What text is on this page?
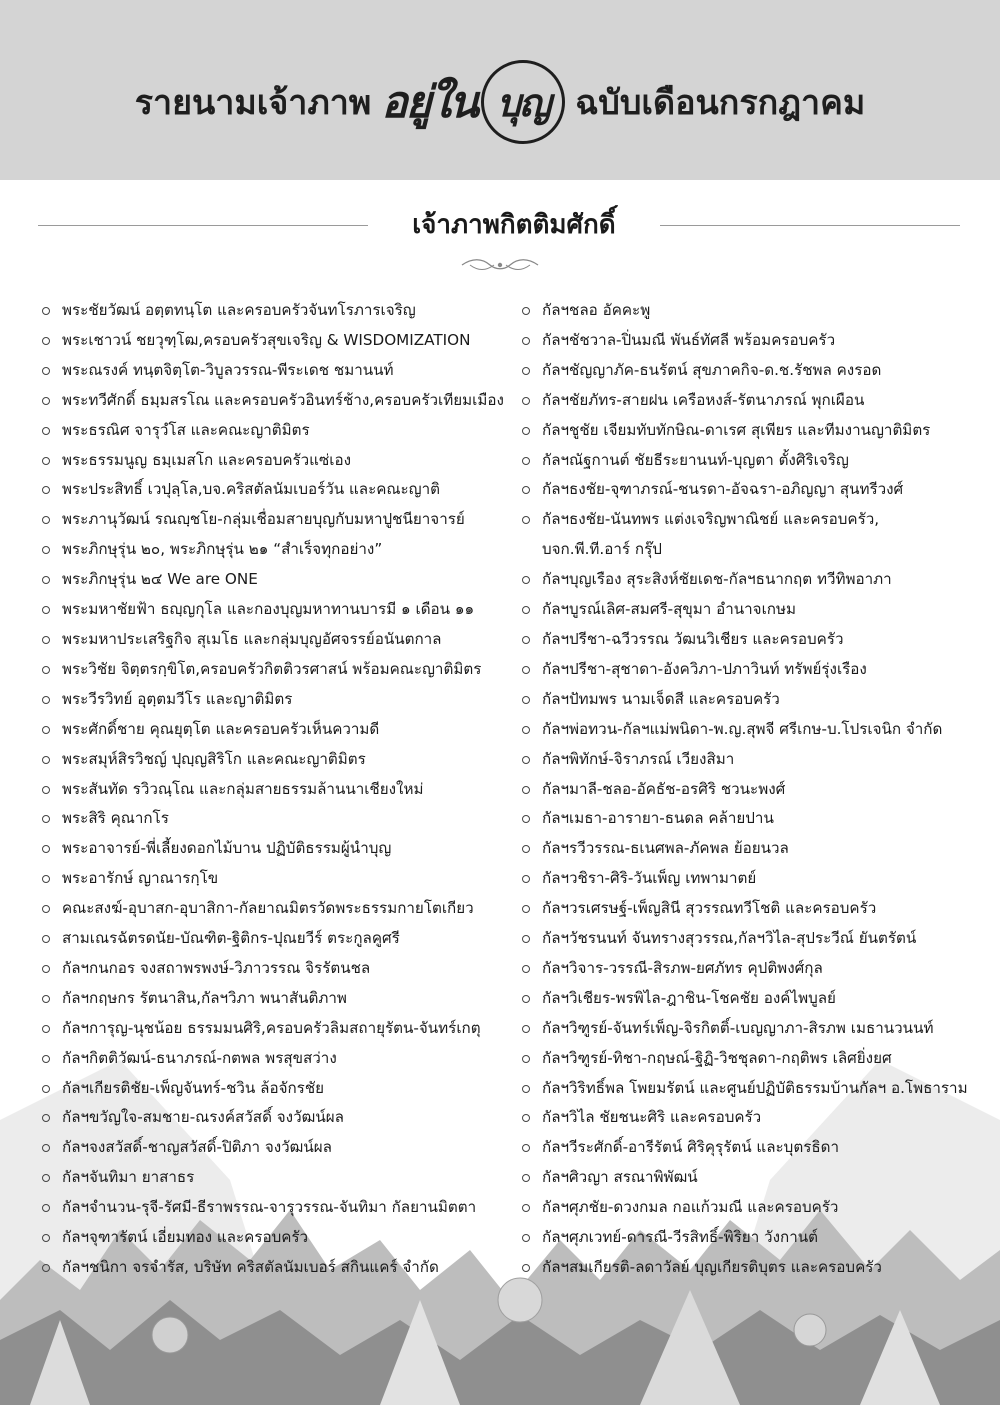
รายนามเจ้าภาพ อยู่ใน บุญ ฉบับเดือนกรกฎาคม
เจ้าภาพกิตติมศักดิ์
พระชัยวัฒน์ อตฺตทนฺโต และครอบครัวจันทโรภารเจริญ
พระเชาวน์ ชยวุฑฺโฒ,ครอบครัวสุขเจริญ & WISDOMIZATION
พระณรงค์ ทนฺตจิตฺโต-วิบูลวรรณ-พีระเดช ชมานนท์
พระทวีศักดิ์ ธมฺมสรโณ และครอบครัวอินทร์ช้าง,ครอบครัวเทียมเมือง
พระธรณิศ จารุวํโส และคณะญาติมิตร
พระธรรมนูญ ธมฺเมสโก และครอบครัวแซ่เอง
พระประสิทธิ์ เวปุลฺโล,บจ.คริสตัลนัมเบอร์วัน และคณะญาติ
พระภานุวัฒน์ รณญฺชโย-กลุ่มเชื่อมสายบุญกับมหาปูชนียาจารย์
พระภิกษุรุ่น ๒๐, พระภิกษุรุ่น ๒๑ “สำเร็จทุกอย่าง”
พระภิกษุรุ่น ๒๔ We are ONE
พระมหาชัยฟ้า ธญฺญกุโล และกองบุญมหาทานบารมี ๑ เดือน ๑๑
พระมหาประเสริฐกิจ สุเมโธ และกลุ่มบุญอัศจรรย์อนันตกาล
พระวิชัย จิตฺตรกฺขิโต,ครอบครัวกิตติวรศาสน์ พร้อมคณะญาติมิตร
พระวีรวิทย์ อุตฺตมวีโร และญาติมิตร
พระศักดิ์ชาย คุณยุตฺโต และครอบครัวเห็นความดี
พระสมุห์สิรวิชญ์ ปุญฺญสิริโก และคณะญาติมิตร
พระสันทัด รวิวณฺโณ และกลุ่มสายธรรมล้านนาเชียงใหม่
พระสิริ คุณากโร
พระอาจารย์-พี่เลี้ยงดอกไม้บาน ปฏิบัติธรรมผู้นำบุญ
พระอารักษ์ ญาณารกฺโข
คณะสงฆ์-อุบาสก-อุบาสิกา-กัลยาณมิตรวัดพระธรรมกายโตเกียว
สามเณรฉัตรดนัย-บัณฑิต-ฐิติกร-ปุณยวีร์ ตระกูลคูศรี
กัลฯกนกอร จงสถาพรพงษ์-วิภาวรรณ จิรรัตนชล
กัลฯกฤษกร รัตนาสิน,กัลฯวิภา พนาสันติภาพ
กัลฯการุญ-นุชน้อย ธรรมมนศิริ,ครอบครัวลิมสถายุรัตน-จันทร์เกตุ
กัลฯกิตติวัฒน์-ธนาภรณ์-กตพล พรสุขสว่าง
กัลฯเกียรติชัย-เพ็ญจันทร์-ชวิน ล้อจักรชัย
กัลฯขวัญใจ-สมชาย-ณรงค์สวัสดิ์ จงวัฒน์ผล
กัลฯจงสวัสดิ์-ชาญสวัสดิ์-ปิติภา จงวัฒน์ผล
กัลฯจันทิมา ยาสาธร
กัลฯจำนวน-รุจี-รัศมี-ธีราพรรณ-จารุวรรณ-จันทิมา กัลยานมิตตา
กัลฯจุฑารัตน์ เอี่ยมทอง และครอบครัว
กัลฯชนิกา จรจำรัส, บริษัท คริสตัลนัมเบอร์ สกินแคร์ จำกัด
กัลฯชลอ อัคคะพู
กัลฯชัชวาล-ปิ่นมณี พันธ์ทัศลี พร้อมครอบครัว
กัลฯชัญญาภัค-ธนรัตน์ สุขภาคกิจ-ด.ช.รัชพล คงรอด
กัลฯชัยภัทร-สายฝน เครือหงส์-รัตนาภรณ์ พุกเผือน
กัลฯชูชัย เจียมทับทักษิณ-ดาเรศ สุเพียร และทีมงานญาติมิตร
กัลฯณัฐกานต์ ชัยธีระยานนท์-บุญตา ตั้งศิริเจริญ
กัลฯธงชัย-จุฑาภรณ์-ชนรดา-อัจฉรา-อภิญญา สุนทรีวงศ์
กัลฯธงชัย-นันทพร แต่งเจริญพาณิชย์ และครอบครัว,
บจก.พี.ที.อาร์ กรุ๊ป
กัลฯบุญเรือง สุระสิงห์ชัยเดช-กัลฯธนากฤต ทวีทิพอาภา
กัลฯบูรณ์เลิศ-สมศรี-สุขุมา อำนาจเกษม
กัลฯปรีชา-ฉวีวรรณ วัฒนวิเชียร และครอบครัว
กัลฯปรีชา-สุชาดา-อังควิภา-ปภาวินท์ ทรัพย์รุ่งเรือง
กัลฯปัทมพร นามเจ็ดสี และครอบครัว
กัลฯพ่อทวน-กัลฯแม่พนิดา-พ.ญ.สุพจี ศรีเกษ-บ.โปรเจนิก จำกัด
กัลฯพิทักษ์-จิราภรณ์ เวียงสิมา
กัลฯมาลี-ชลอ-อัคธัช-อรศิริ ชวนะพงศ์
กัลฯเมธา-อารายา-ธนดล คล้ายปาน
กัลฯรวีวรรณ-ธเนศพล-ภัคพล ย้อยนวล
กัลฯวชิรา-ศิริ-วันเพ็ญ เทพามาตย์
กัลฯวรเศรษฐ์-เพ็ญสินี สุวรรณทวีโชติ และครอบครัว
กัลฯวัชรนนท์ จันทรางสุวรรณ,กัลฯวิไล-สุประวีณ์ ยันตรัตน์
กัลฯวิจาร-วรรณี-สิรภพ-ยศภัทร คุปติพงศ์กุล
กัลฯวิเชียร-พรพิไล-ฎาชิน-โชคชัย องค์ไพบูลย์
กัลฯวิฑูรย์-จันทร์เพ็ญ-จิรกิตติ์-เบญญาภา-สิรภพ เมธานวนนท์
กัลฯวิฑูรย์-ทิชา-กฤษณ์-ฐิฏิ-วิชชุลดา-กฤติพร เลิศยิ่งยศ
กัลฯวิริทธิ์พล โพยมรัตน์ และศูนย์ปฏิบัติธรรมบ้านกัลฯ อ.โพธาราม
กัลฯวิไล ชัยชนะศิริ และครอบครัว
กัลฯวีระศักดิ์-อารีรัตน์ ศิริคุรุรัตน์ และบุตรธิดา
กัลฯศิวญา สรณาพิพัฒน์
กัลฯศุภชัย-ดวงกมล กอแก้วมณี และครอบครัว
กัลฯศุภเวทย์-ดารณี-วีรสิทธิ์-พิริยา วังกานต์
กัลฯสมเกียรติ-ลดาวัลย์ บุญเกียรติบุตร และครอบครัว
